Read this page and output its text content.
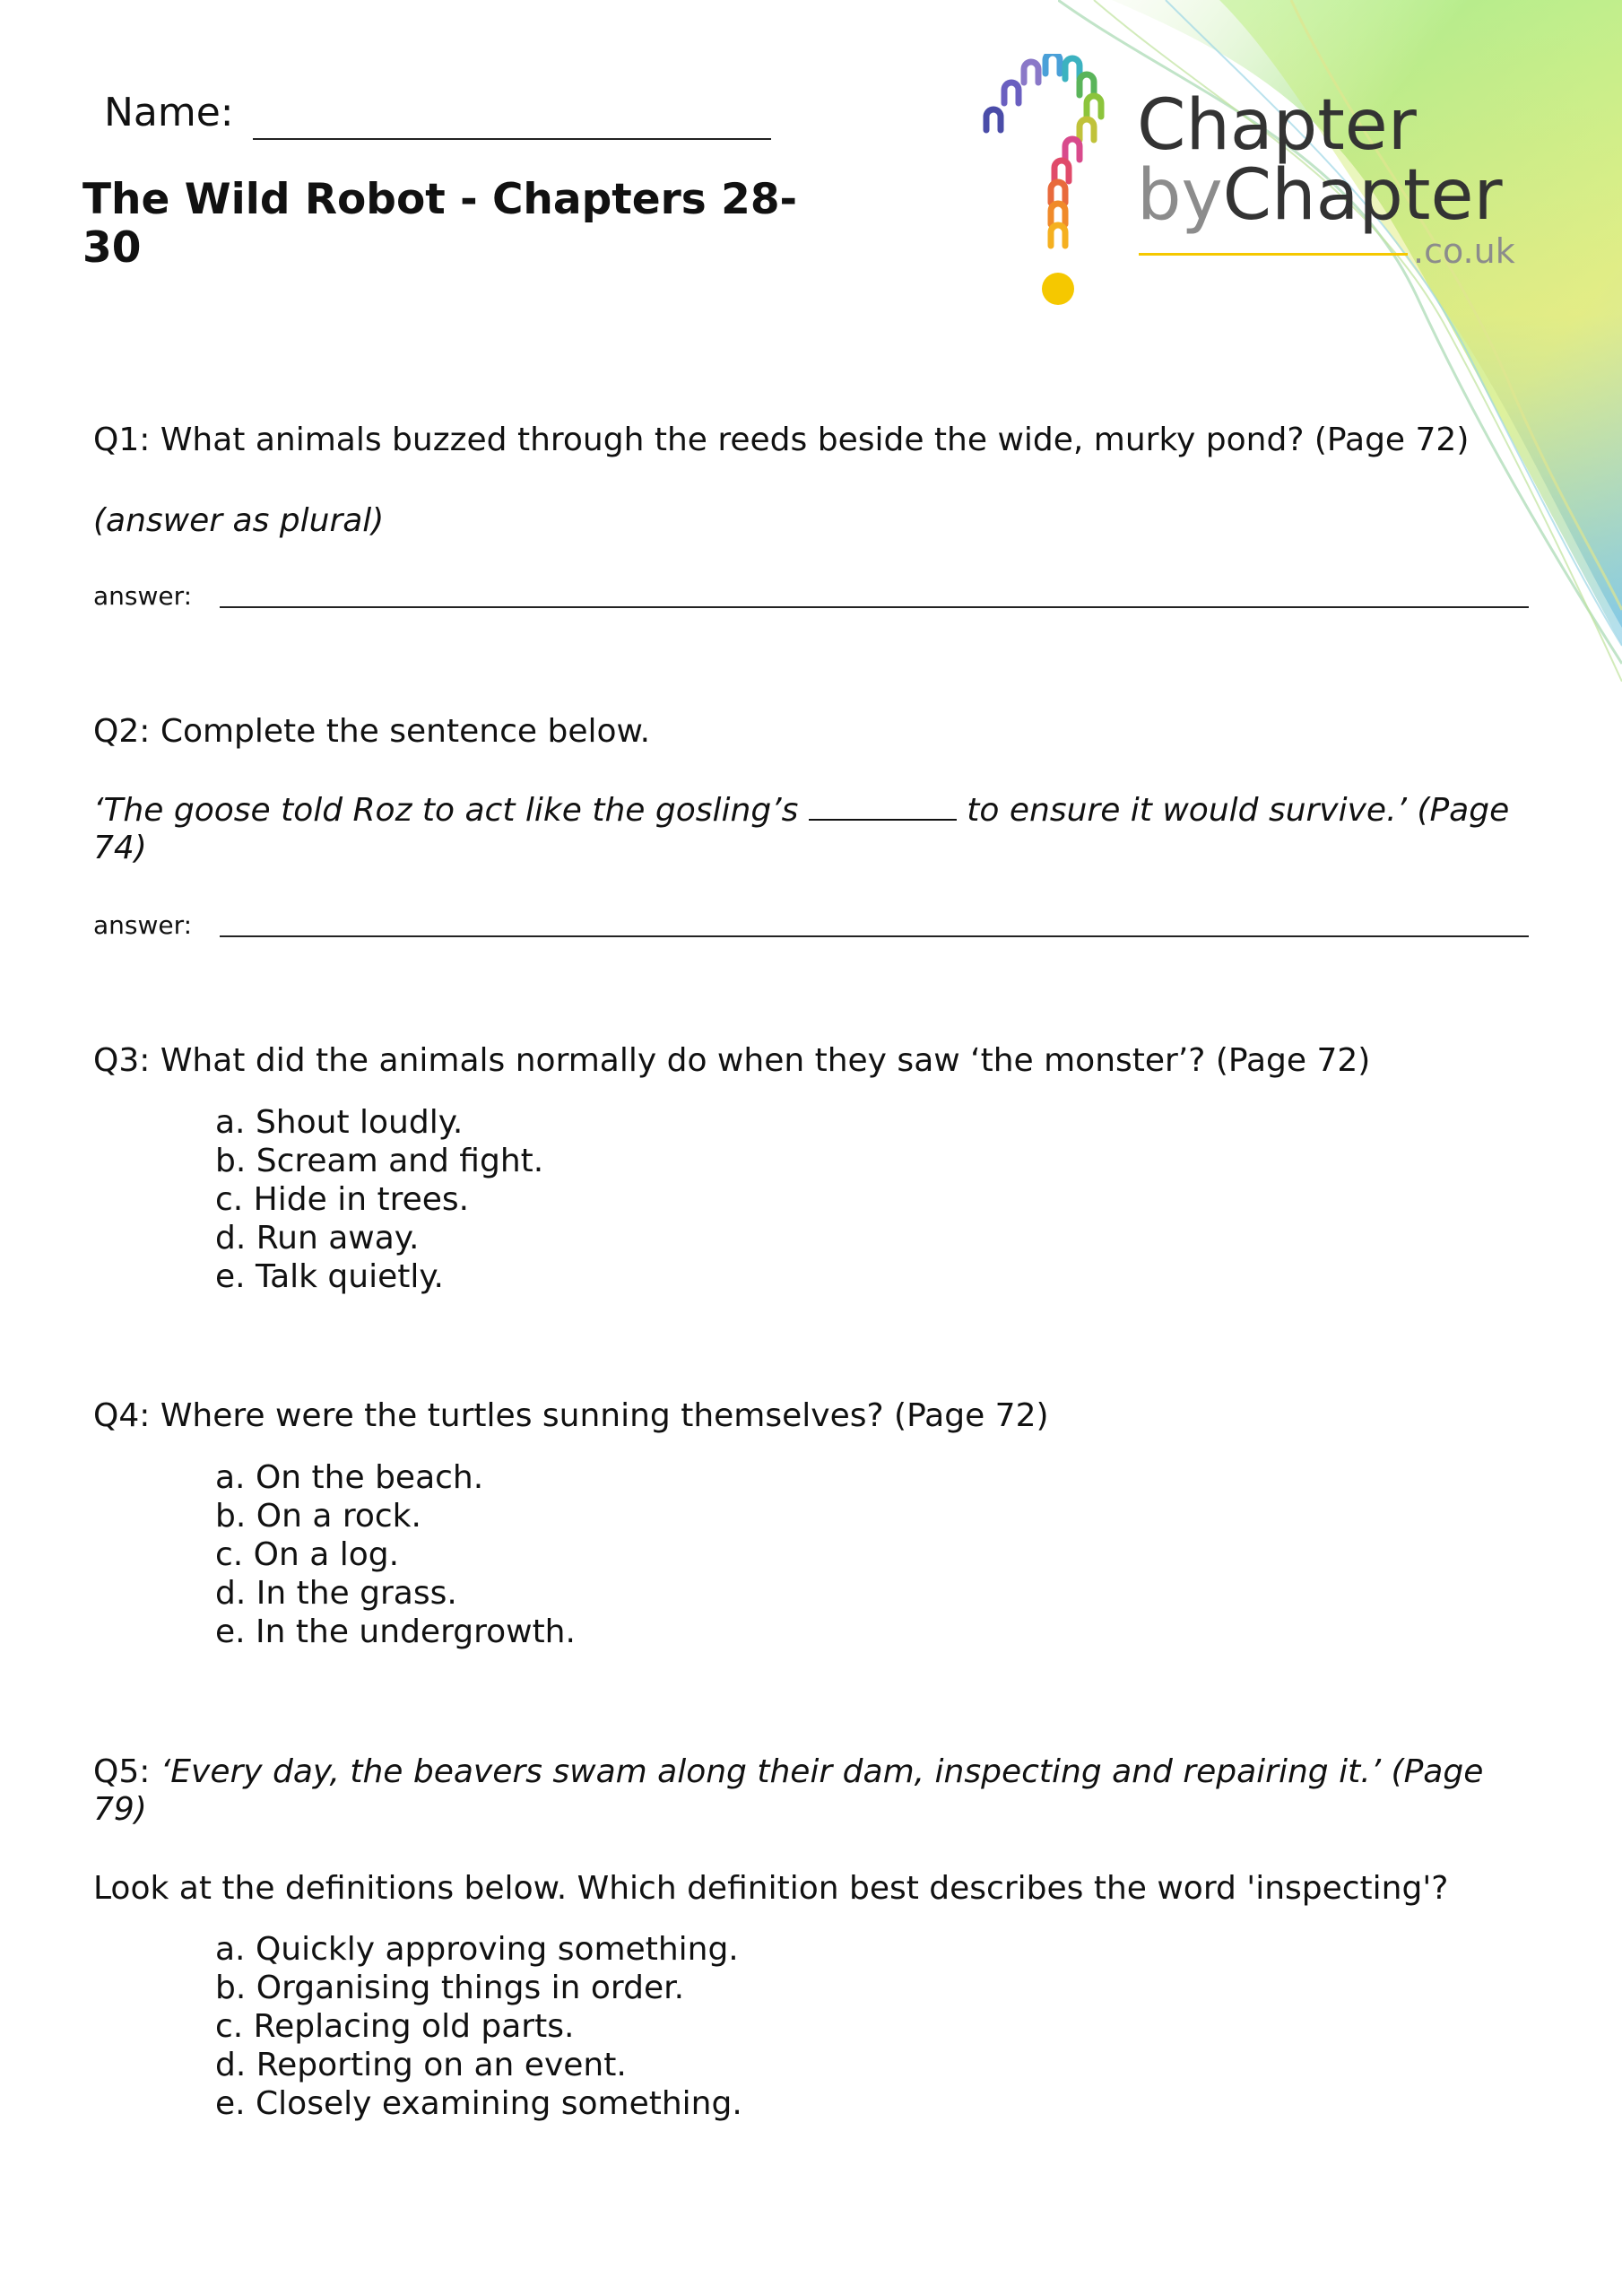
Name:
The Wild Robot - Chapters 28-30
Chapter
byChapter
.co.uk
Q1: What animals buzzed through the reeds beside the wide, murky pond? (Page 72)
(answer as plural)
answer:
Q2: Complete the sentence below.
‘The goose told Roz to act like the gosling’s	to ensure it would survive.’ (Page 74)
answer:
Q3: What did the animals normally do when they saw ‘the monster’? (Page 72)
a. Shout loudly.
b. Scream and fight.
c. Hide in trees.
d. Run away.
e. Talk quietly.
Q4: Where were the turtles sunning themselves? (Page 72)
a. On the beach.
b. On a rock.
c. On a log.
d. In the grass.
e. In the undergrowth.
Q5: ‘Every day, the beavers swam along their dam, inspecting and repairing it.’ (Page 79)
Look at the definitions below. Which definition best describes the word 'inspecting'?
a. Quickly approving something.
b. Organising things in order.
c. Replacing old parts.
d. Reporting on an event.
e. Closely examining something.
